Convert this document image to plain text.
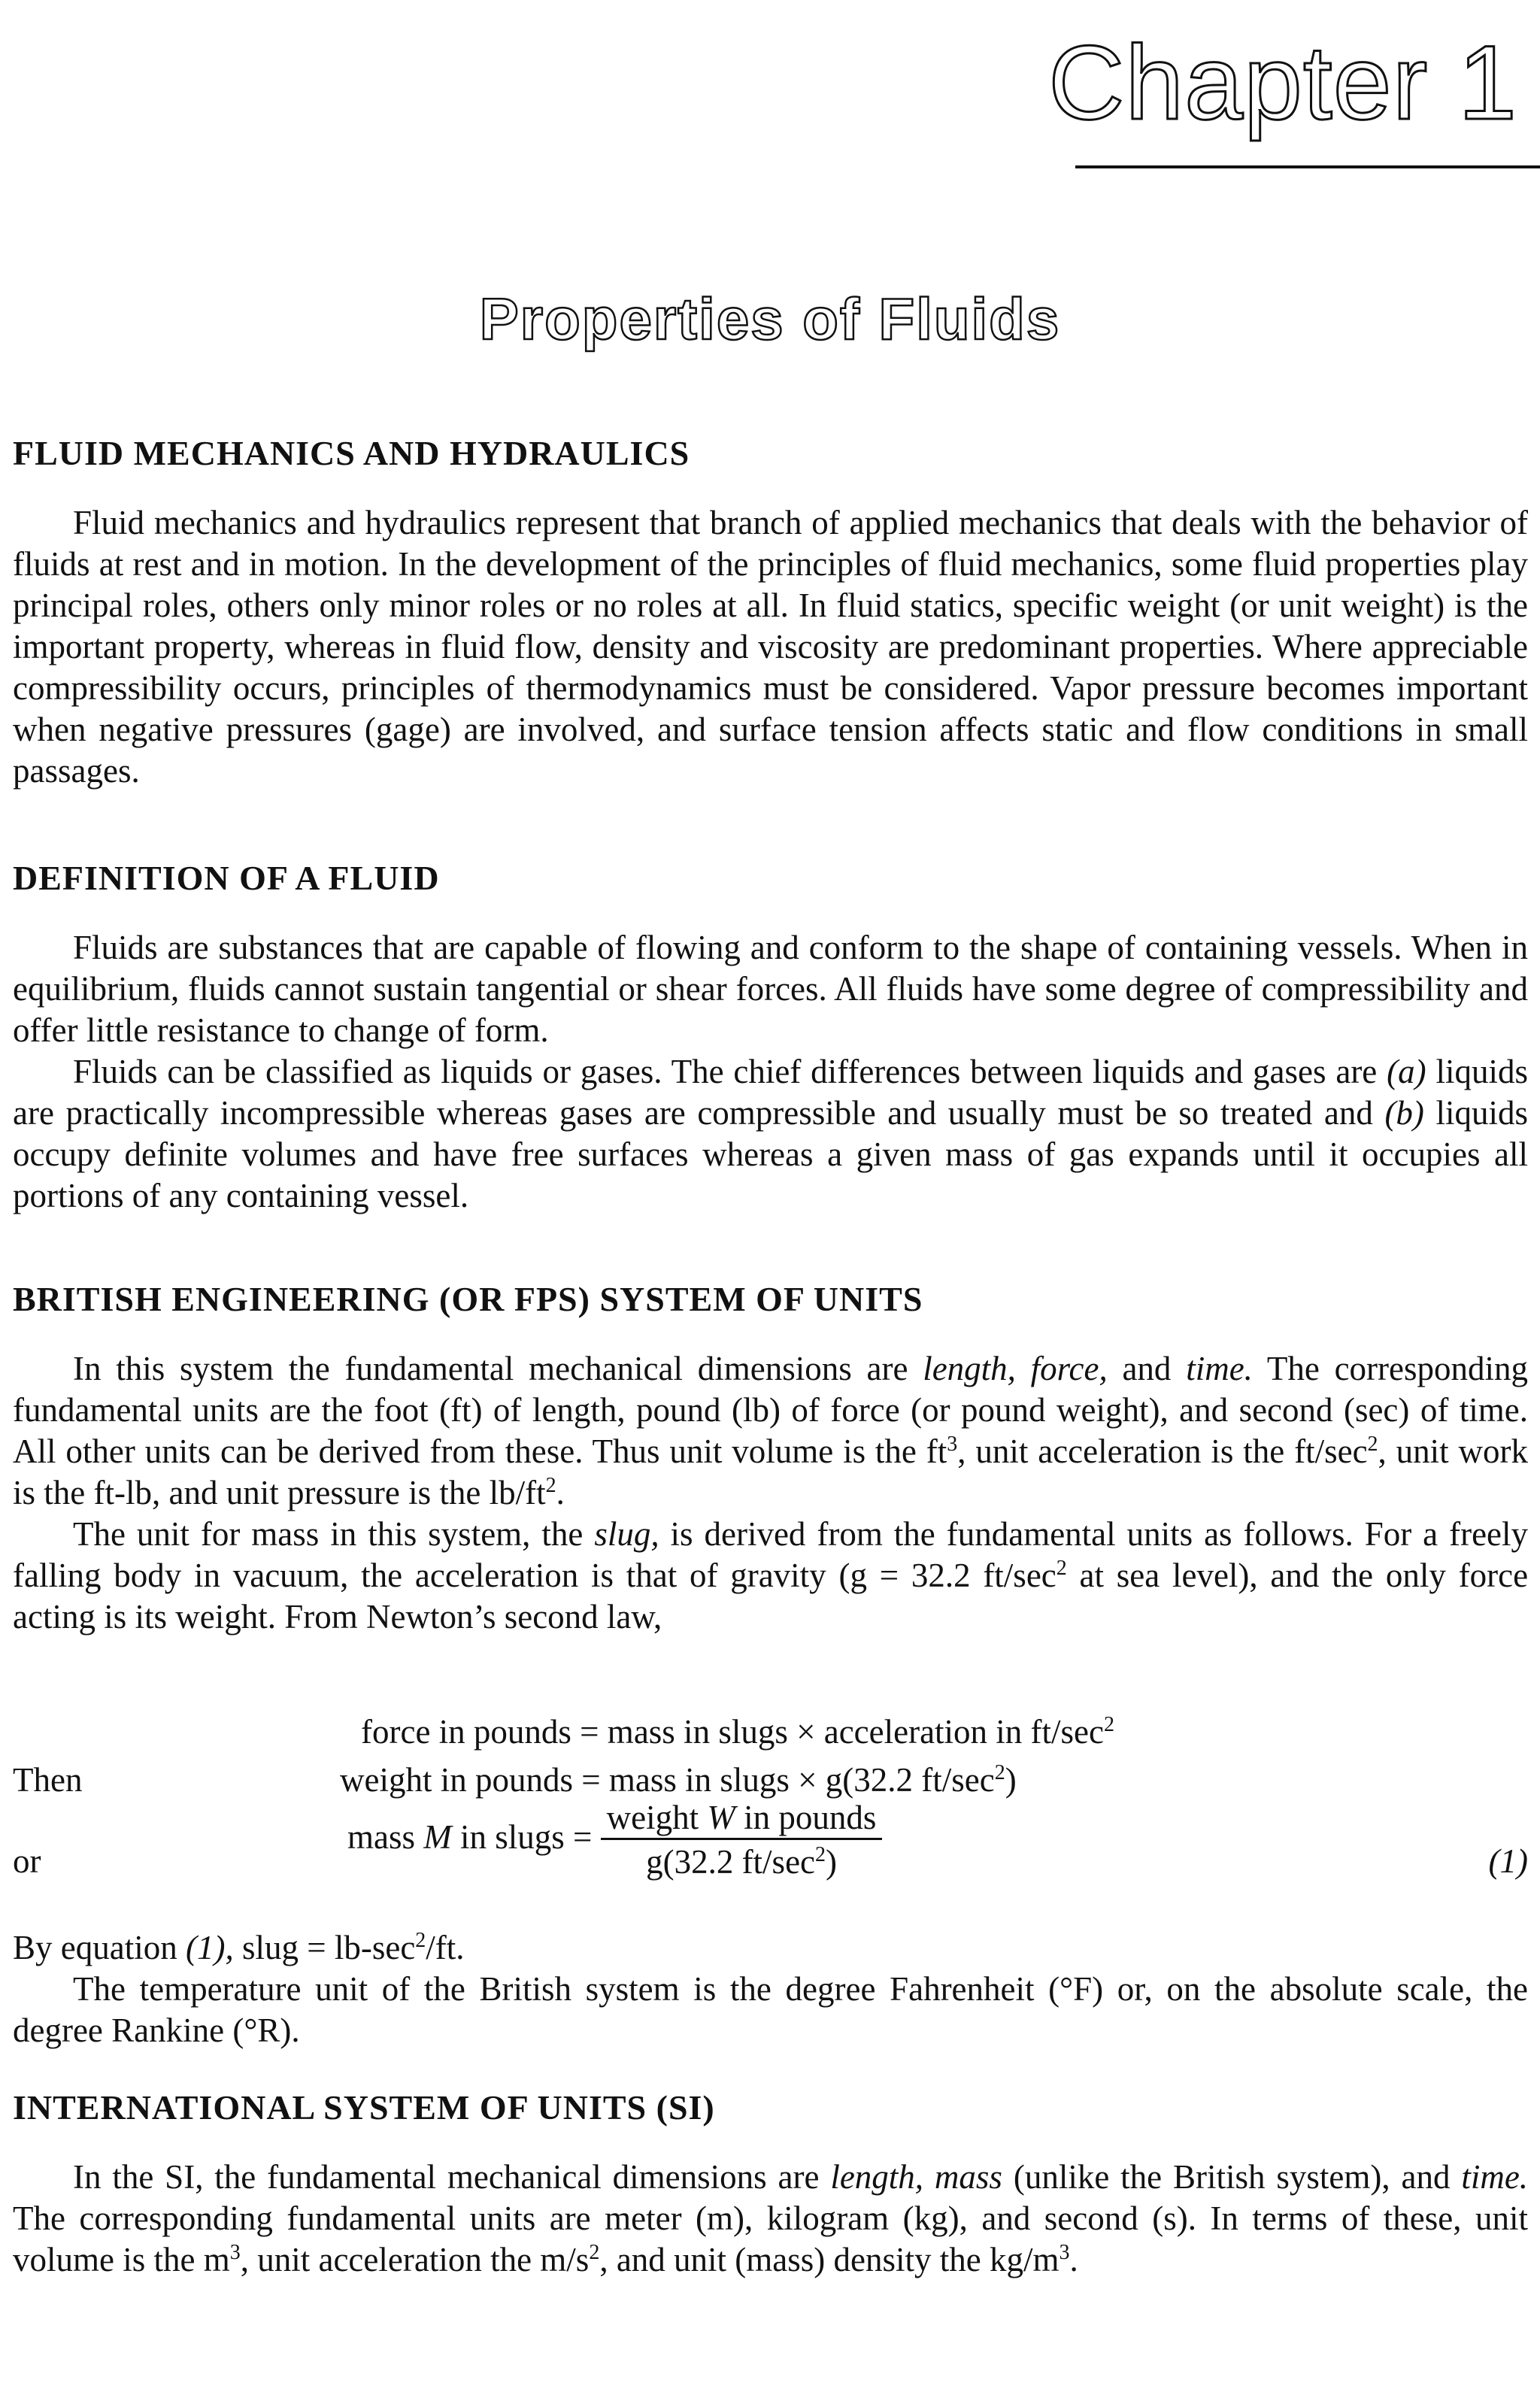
Chapter 1
Properties of Fluids
FLUID MECHANICS AND HYDRAULICS

Fluid mechanics and hydraulics represent that branch of applied mechanics that deals with the behavior of fluids at rest and in motion. In the development of the principles of fluid mechanics, some fluid properties play principal roles, others only minor roles or no roles at all. In fluid statics, specific weight (or unit weight) is the important property, whereas in fluid flow, density and viscosity are predominant properties. Where appreciable compressibility occurs, principles of thermodynamics must be considered. Vapor pressure becomes important when negative pressures (gage) are involved, and surface tension affects static and flow conditions in small passages.

DEFINITION OF A FLUID

Fluids are substances that are capable of flowing and conform to the shape of containing vessels. When in equilibrium, fluids cannot sustain tangential or shear forces. All fluids have some degree of compressibility and offer little resistance to change of form.

Fluids can be classified as liquids or gases. The chief differences between liquids and gases are (a) liquids are practically incompressible whereas gases are compressible and usually must be so treated and (b) liquids occupy definite volumes and have free surfaces whereas a given mass of gas expands until it occupies all portions of any containing vessel.

BRITISH ENGINEERING (OR FPS) SYSTEM OF UNITS

In this system the fundamental mechanical dimensions are length, force, and time. The corresponding fundamental units are the foot (ft) of length, pound (lb) of force (or pound weight), and second (sec) of time. All other units can be derived from these. Thus unit volume is the $ft^3$, unit acceleration is the $ft/\sec^2$, unit work is the ft-lb, and unit pressure is the $lb/ft^2$.

The unit for mass in this system, the slug, is derived from the fundamental units as follows. For a freely falling body in vacuum, the acceleration is that of gravity (g = 32.2 $ft/\sec^2$ at sea level), and the only force acting is its weight. From Newton’s second law,

force in pounds = mass in slugs × acceleration in $ft/\sec^2$
Then	weight in pounds = mass in slugs × g(32.2 $ft/\sec^2$)
or
mass M in slugs = $\frac{\text{weight W in pounds}}{g(32.2 ft/\sec^2)}$	(1)

By equation (1), slug = $lb-\sec^2/ft$.

The temperature unit of the British system is the degree Fahrenheit (°F) or, on the absolute scale, the degree Rankine (°R).

INTERNATIONAL SYSTEM OF UNITS (SI)

In the SI, the fundamental mechanical dimensions are length, mass (unlike the British system), and time. The corresponding fundamental units are meter (m), kilogram (kg), and second (s). In terms of these, unit volume is the $m^3$, unit acceleration the $m/s^2$, and unit (mass) density the $kg/m^3$.
